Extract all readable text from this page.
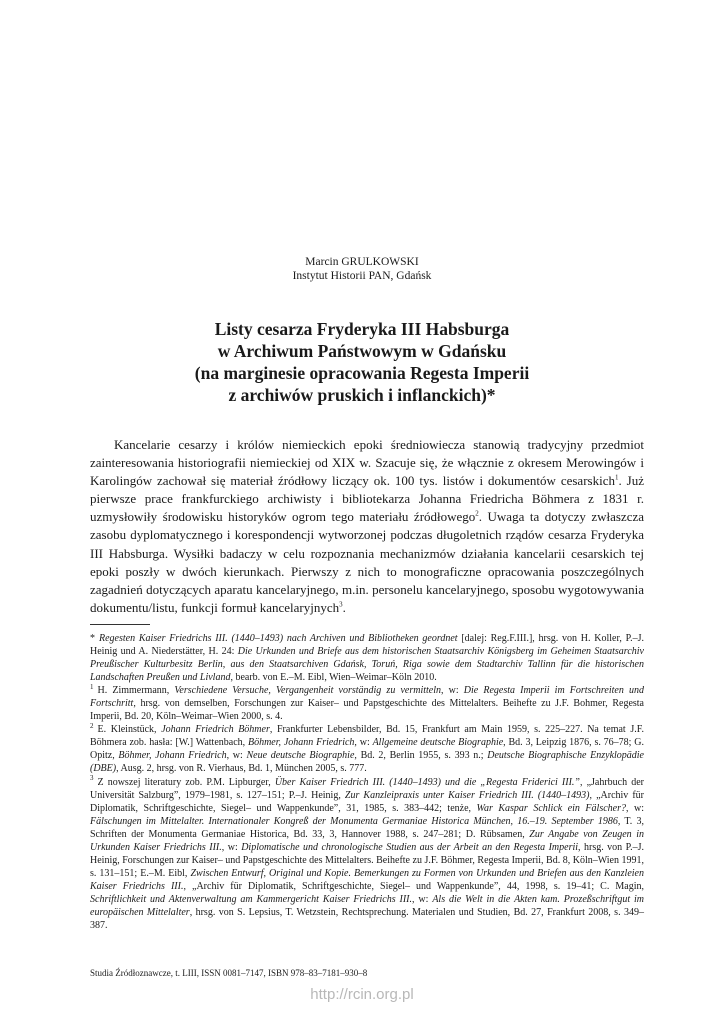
Marcin GRULKOWSKI
Instytut Historii PAN, Gdańsk
Listy cesarza Fryderyka III Habsburga
w Archiwum Państwowym w Gdańsku
(na marginesie opracowania Regesta Imperii
z archiwów pruskich i inflanckich)*

Kancelarie cesarzy i królów niemieckich epoki średniowiecza stanowią tradycyjny przedmiot zainteresowania historiografii niemieckiej od XIX w. Szacuje się, że włącznie z okresem Merowingów i Karolingów zachował się materiał źródłowy liczący ok. 100 tys. listów i dokumentów cesarskich$^1$. Już pierwsze prace frankfurckiego archiwisty i bibliotekarza Johanna Friedricha Böhmera z 1831 r. uzmysłowiły środowisku historyków ogrom tego materiału źródłowego$^2$. Uwaga ta dotyczy zwłaszcza zasobu dyplomatycznego i korespondencji wytworzonej podczas długoletnich rządów cesarza Fryderyka III Habsburga. Wysiłki badaczy w celu rozpoznania mechanizmów działania kancelarii cesarskich tej epoki poszły w dwóch kierunkach. Pierwszy z nich to monograficzne opracowania poszczególnych zagadnień dotyczących aparatu kancelaryjnego, m.in. personelu kancelaryjnego, sposobu wygotowywania dokumentu/listu, funkcji formuł kancelaryjnych$^3$.

* Regesten Kaiser Friedrichs III. (1440–1493) nach Archiven und Bibliotheken geordnet [dalej: Reg.F.III.], hrsg. von H. Koller, P.–J. Heinig und A. Niederstätter, H. 24: Die Urkunden und Briefe aus dem historischen Staatsarchiv Königsberg im Geheimen Staatsarchiv Preußischer Kulturbesitz Berlin, aus den Staatsarchiven Gdańsk, Toruń, Riga sowie dem Stadtarchiv Tallinn für die historischen Landschaften Preußen und Livland, bearb. von E.–M. Eibl, Wien–Weimar–Köln 2010.

$^1$ H. Zimmermann, Verschiedene Versuche, Vergangenheit vorständig zu vermitteln, w: Die Regesta Imperii im Fortschreiten und Fortschritt, hrsg. von demselben, Forschungen zur Kaiser– und Papstgeschichte des Mittelalters. Beihefte zu J.F. Bohmer, Regesta Imperii, Bd. 20, Köln–Weimar–Wien 2000, s. 4.

$^2$ E. Kleinstück, Johann Friedrich Böhmer, Frankfurter Lebensbilder, Bd. 15, Frankfurt am Main 1959, s. 225–227. Na temat J.F. Böhmera zob. hasła: [W.] Wattenbach, Böhmer, Johann Friedrich, w: Allgemeine deutsche Biographie, Bd. 3, Leipzig 1876, s. 76–78; G. Opitz, Böhmer, Johann Friedrich, w: Neue deutsche Biographie, Bd. 2, Berlin 1955, s. 393 n.; Deutsche Biographische Enzyklopädie (DBE), Ausg. 2, hrsg. von R. Vierhaus, Bd. 1, München 2005, s. 777.

$^3$ Z nowszej literatury zob. P.M. Lipburger, Über Kaiser Friedrich III. (1440–1493) und die „Regesta Friderici III.”, „Jahrbuch der Universität Salzburg”, 1979–1981, s. 127–151; P.–J. Heinig, Zur Kanzleipraxis unter Kaiser Friedrich III. (1440–1493), „Archiv für Diplomatik, Schriftgeschichte, Siegel– und Wappenkunde”, 31, 1985, s. 383–442; tenże, War Kaspar Schlick ein Fälscher?, w: Fälschungen im Mittelalter. Internationaler Kongreß der Monumenta Germaniae Historica München, 16.–19. September 1986, T. 3, Schriften der Monumenta Germaniae Historica, Bd. 33, 3, Hannover 1988, s. 247–281; D. Rübsamen, Zur Angabe von Zeugen in Urkunden Kaiser Friedrichs III., w: Diplomatische und chronologische Studien aus der Arbeit an den Regesta Imperii, hrsg. von P.–J. Heinig, Forschungen zur Kaiser– und Papstgeschichte des Mittelalters. Beihefte zu J.F. Böhmer, Regesta Imperii, Bd. 8, Köln–Wien 1991, s. 131–151; E.–M. Eibl, Zwischen Entwurf, Original und Kopie. Bemerkungen zu Formen von Urkunden und Briefen aus den Kanzleien Kaiser Friedrichs III., „Archiv für Diplomatik, Schriftgeschichte, Siegel– und Wappenkunde”, 44, 1998, s. 19–41; C. Magin, Schriftlichkeit und Aktenverwaltung am Kammergericht Kaiser Friedrichs III., w: Als die Welt in die Akten kam. Prozeßschriftgut im europäischen Mittelalter, hrsg. von S. Lepsius, T. Wetzstein, Rechtsprechung. Materialen und Studien, Bd. 27, Frankfurt 2008, s. 349–387.

Studia Źródłoznawcze, t. LIII, ISSN 0081–7147, ISBN 978–83–7181–930–8
http://rcin.org.pl
